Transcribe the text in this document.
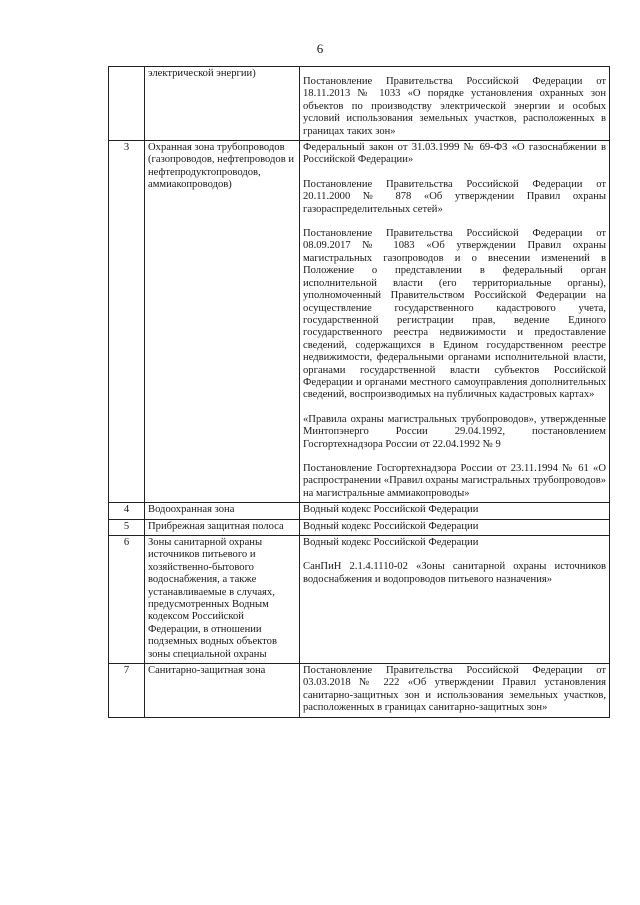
6
	электрической энергии)	Постановление Правительства Российской Федерации от 18.11.2013 № 1033 «О порядке установления охранных зон объектов по производству электрической энергии и особых условий использования земельных участков, расположенных в границах таких зон»

3	Охранная зона трубопроводов (газопроводов, нефтепроводов и нефтепродуктопроводов, аммиакопроводов)	Федеральный закон от 31.03.1999 № 69-ФЗ «О газоснабжении в Российской Федерации»

Постановление Правительства Российской Федерации от 20.11.2000 № 878 «Об утверждении Правил охраны газораспределительных сетей»

Постановление Правительства Российской Федерации от 08.09.2017 № 1083 «Об утверждении Правил охраны магистральных газопроводов и о внесении изменений в Положение о представлении в федеральный орган исполнительной власти (его территориальные органы), уполномоченный Правительством Российской Федерации на осуществление государственного кадастрового учета, государственной регистрации прав, ведение Единого государственного реестра недвижимости и предоставление сведений, содержащихся в Едином государственном реестре недвижимости, федеральными органами исполнительной власти, органами государственной власти субъектов Российской Федерации и органами местного самоуправления дополнительных сведений, воспроизводимых на публичных кадастровых картах»

«Правила охраны магистральных трубопроводов», утвержденные Минтопэнерго России 29.04.1992, постановлением Госгортехнадзора России от 22.04.1992 № 9

Постановление Госгортехнадзора России от 23.11.1994 № 61 «О распространении «Правил охраны магистральных трубопроводов» на магистральные аммиакопроводы»

4	Водоохранная зона	Водный кодекс Российской Федерации

5	Прибрежная защитная полоса	Водный кодекс Российской Федерации

6	Зоны санитарной охраны источников питьевого и хозяйственно-бытового водоснабжения, а также устанавливаемые в случаях, предусмотренных Водным кодексом Российской Федерации, в отношении подземных водных объектов зоны специальной охраны	Водный кодекс Российской Федерации

СанПиН 2.1.4.1110-02 «Зоны санитарной охраны источников водоснабжения и водопроводов питьевого назначения»

7	Санитарно-защитная зона	Постановление Правительства Российской Федерации от 03.03.2018 № 222 «Об утверждении Правил установления санитарно-защитных зон и использования земельных участков, расположенных в границах санитарно-защитных зон»
